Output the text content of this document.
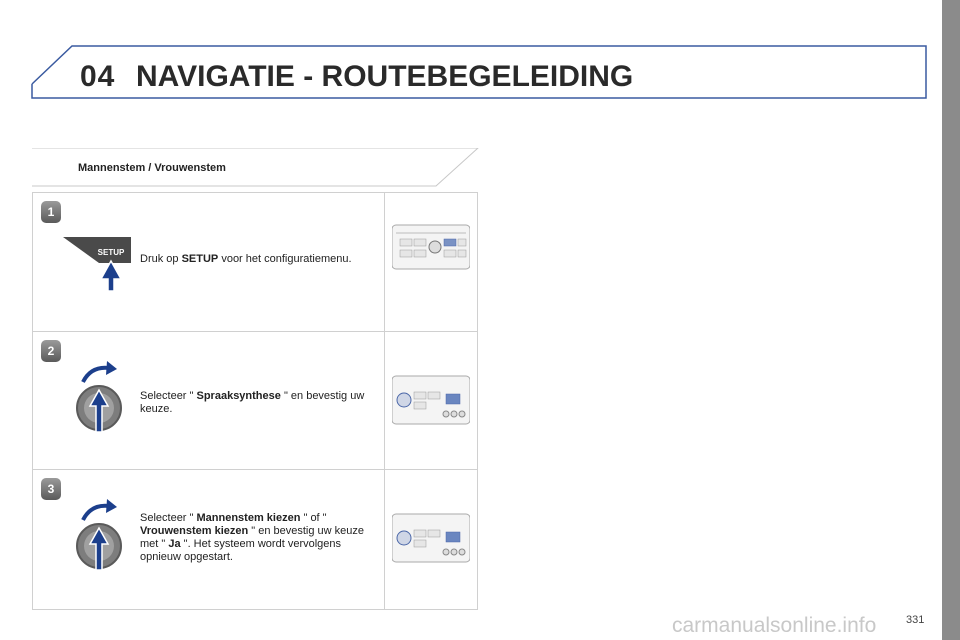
04 NAVIGATIE - ROUTEBEGELEIDING
Mannenstem / Vrouwenstem
1
SETUP
Druk op SETUP voor het configuratiemenu.
2
Selecteer " Spraaksynthese " en bevestig uw keuze.
3
Selecteer " Mannenstem kiezen " of " Vrouwenstem kiezen " en bevestig uw keuze met " Ja ". Het systeem wordt vervolgens opnieuw opgestart.
carmanualsonline.info	331
